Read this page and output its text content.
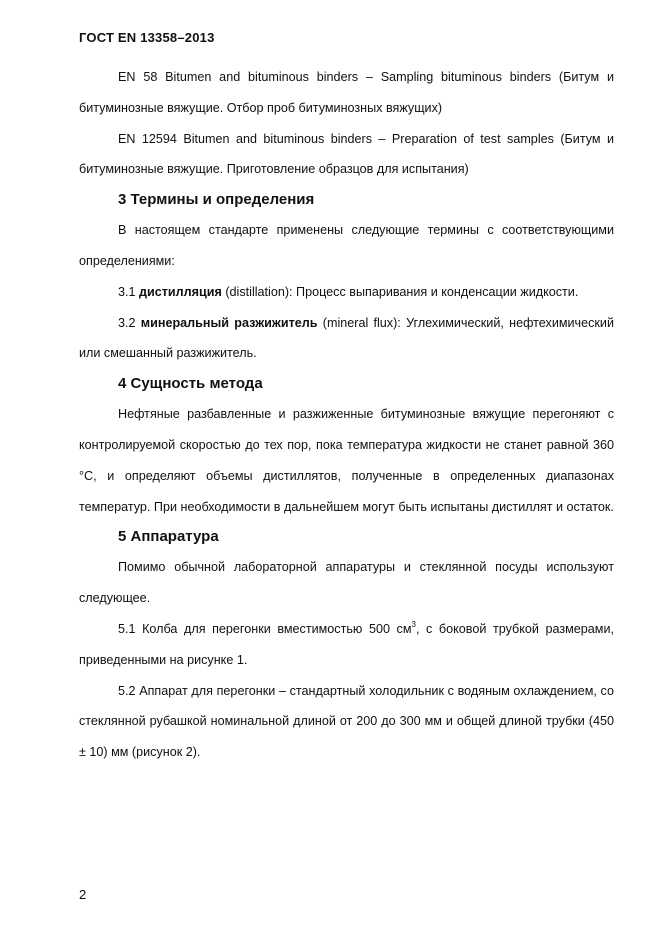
ГОСТ EN 13358–2013

EN 58 Bitumen and bituminous binders – Sampling bituminous binders (Битум и битуминозные вяжущие. Отбор проб битуминозных вяжущих)

EN 12594 Bitumen and bituminous binders – Preparation of test samples (Битум и битуминозные вяжущие. Приготовление образцов для испытания)

3 Термины и определения

В настоящем стандарте применены следующие термины с соответствующими определениями:

3.1 дистилляция (distillation): Процесс выпаривания и конденсации жидкости.

3.2 минеральный разжижитель (mineral flux): Углехимический, нефтехимический или смешанный разжижитель.

4 Сущность метода

Нефтяные разбавленные и разжиженные битуминозные вяжущие перегоняют с контролируемой скоростью до тех пор, пока температура жидкости не станет равной 360 °С, и определяют объемы дистиллятов, полученные в определенных диапазонах температур. При необходимости в дальнейшем могут быть испытаны дистиллят и остаток.

5 Аппаратура

Помимо обычной лабораторной аппаратуры и стеклянной посуды используют следующее.

5.1 Колба для перегонки вместимостью 500 $см^3$, с боковой трубкой размерами, приведенными на рисунке 1.

5.2 Аппарат для перегонки – стандартный холодильник с водяным охлаждением, со стеклянной рубашкой номинальной длиной от 200 до 300 мм и общей длиной трубки (450 ± 10) мм (рисунок 2).

2
